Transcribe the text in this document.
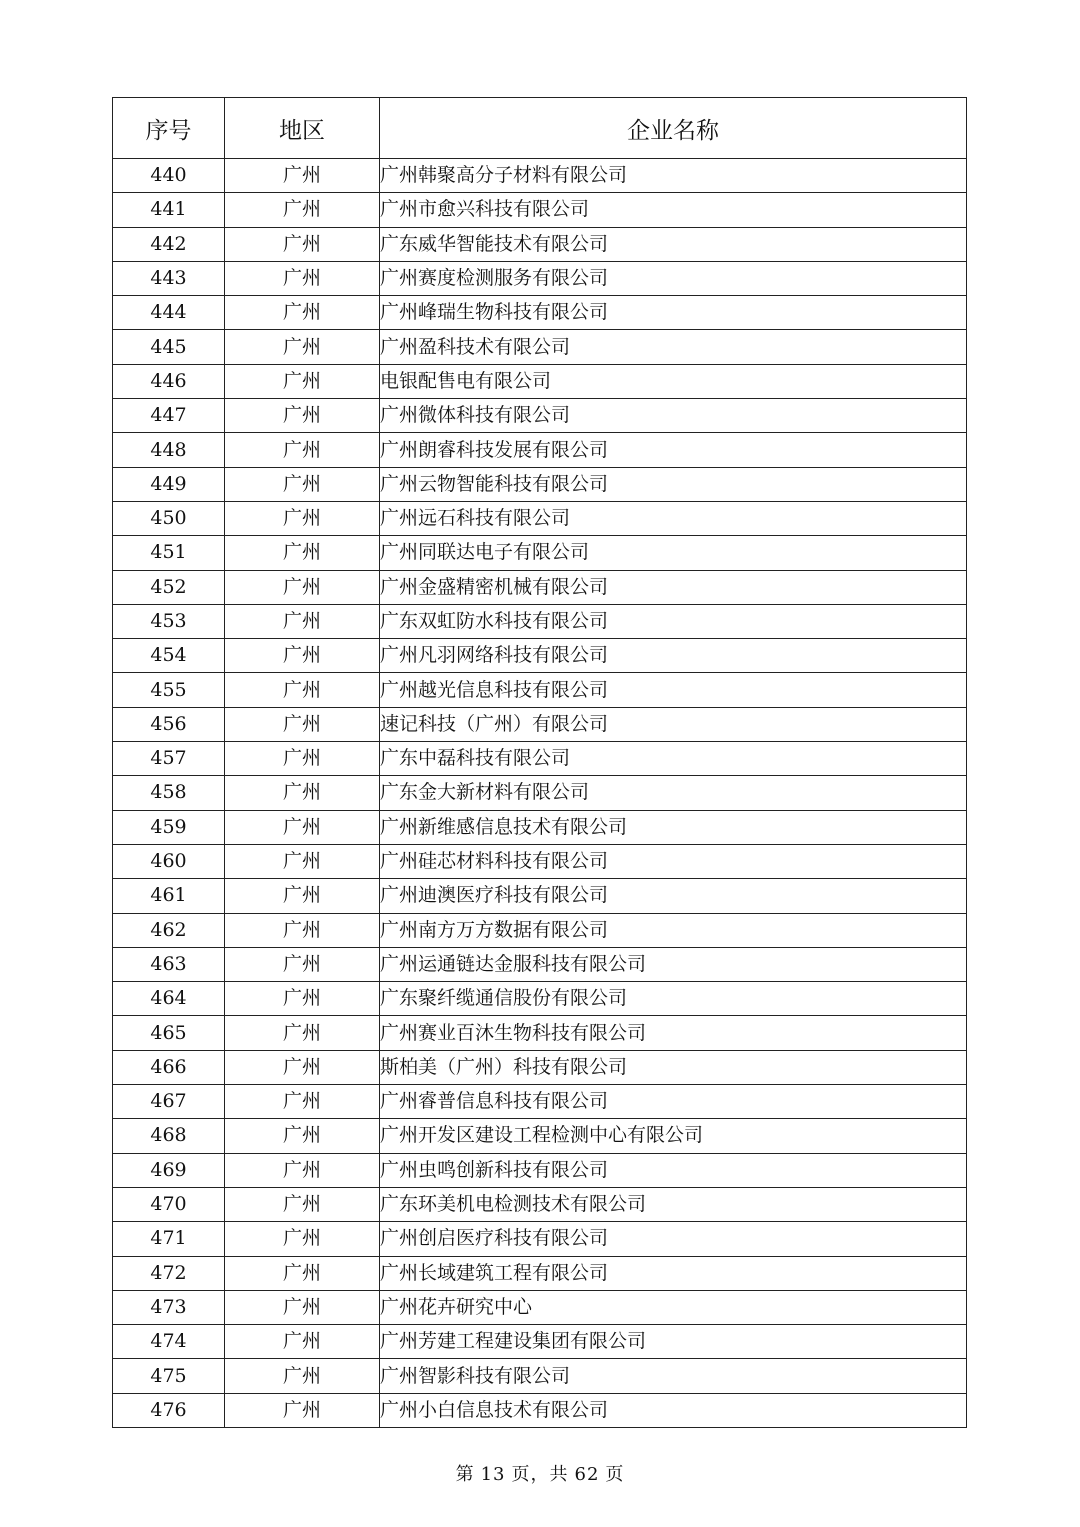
序号	地区	企业名称
440	广州	广州韩聚高分子材料有限公司
441	广州	广州市愈兴科技有限公司
442	广州	广东威华智能技术有限公司
443	广州	广州赛度检测服务有限公司
444	广州	广州峰瑞生物科技有限公司
445	广州	广州盈科技术有限公司
446	广州	电银配售电有限公司
447	广州	广州微体科技有限公司
448	广州	广州朗睿科技发展有限公司
449	广州	广州云物智能科技有限公司
450	广州	广州远石科技有限公司
451	广州	广州同联达电子有限公司
452	广州	广州金盛精密机械有限公司
453	广州	广东双虹防水科技有限公司
454	广州	广州凡羽网络科技有限公司
455	广州	广州越光信息科技有限公司
456	广州	速记科技（广州）有限公司
457	广州	广东中磊科技有限公司
458	广州	广东金大新材料有限公司
459	广州	广州新维感信息技术有限公司
460	广州	广州硅芯材料科技有限公司
461	广州	广州迪澳医疗科技有限公司
462	广州	广州南方万方数据有限公司
463	广州	广州运通链达金服科技有限公司
464	广州	广东聚纤缆通信股份有限公司
465	广州	广州赛业百沐生物科技有限公司
466	广州	斯柏美（广州）科技有限公司
467	广州	广州睿普信息科技有限公司
468	广州	广州开发区建设工程检测中心有限公司
469	广州	广州虫鸣创新科技有限公司
470	广州	广东环美机电检测技术有限公司
471	广州	广州创启医疗科技有限公司
472	广州	广州长域建筑工程有限公司
473	广州	广州花卉研究中心
474	广州	广州芳建工程建设集团有限公司
475	广州	广州智影科技有限公司
476	广州	广州小白信息技术有限公司
第 13 页，共 62 页
